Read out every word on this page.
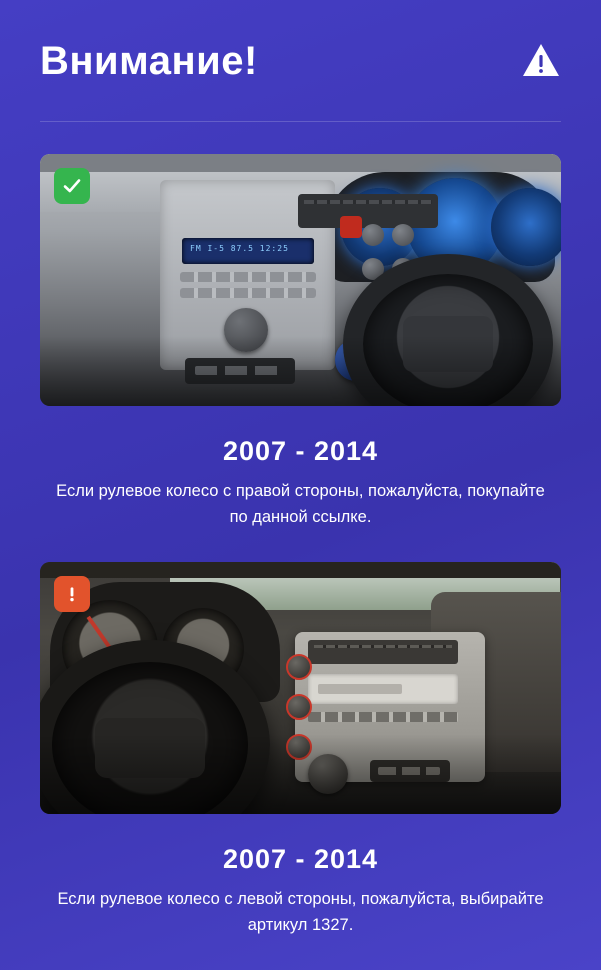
Внимание!
FM I-5 87.5 12:25
2007 - 2014
Если рулевое колесо с правой стороны, пожалуйста, покупайте по данной ссылке.
2007 - 2014
Если рулевое колесо с левой стороны, пожалуйста, выбирайте артикул 1327.
